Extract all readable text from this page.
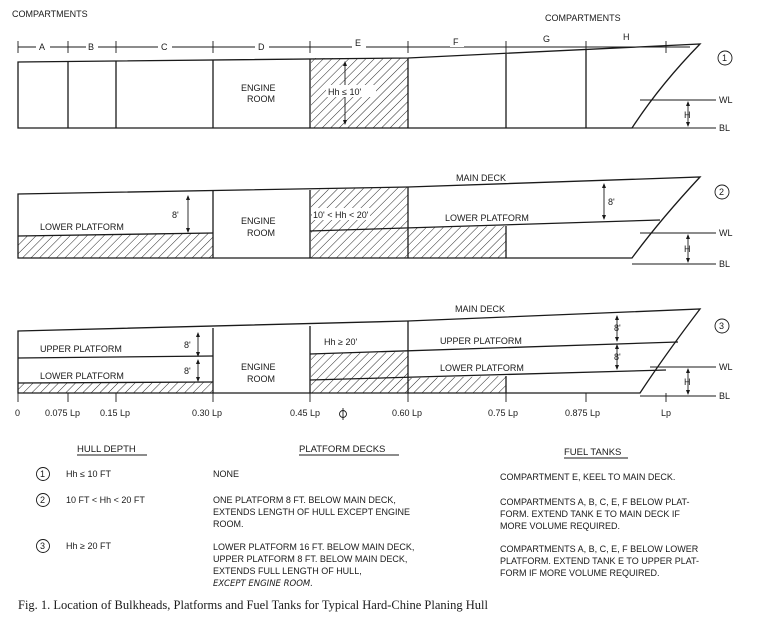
COMPARTMENTS	COMPARTMENTS
A	B	C	D	E	F	G	H
ENGINE
ROOM
Hh ≤ 10'
H
WL
BL
1
MAIN DECK
LOWER PLATFORM
LOWER PLATFORM
ENGINE
ROOM
10' < Hh < 20'
8'
8'
H
WL
BL
2
MAIN DECK
UPPER PLATFORM
LOWER PLATFORM
UPPER PLATFORM
LOWER PLATFORM
ENGINE
ROOM
Hh ≥ 20'
8'
8'
8'
8'
H
WL
BL
3
0	0.075 Lp 0.15 Lp	0.30 Lp	0.45 Lp	0.60 Lp	0.75 Lp	0.875 Lp	Lp
HULL DEPTH	PLATFORM DECKS	FUEL TANKS
1 Hh ≤ 10 FT	NONE	COMPARTMENT E, KEEL TO MAIN DECK.
2 10 FT < Hh < 20 FT	ONE PLATFORM 8 FT. BELOW MAIN DECK,
EXTENDS LENGTH OF HULL EXCEPT ENGINE
ROOM.
COMPARTMENTS A, B, C, E, F BELOW PLAT-
FORM. EXTEND TANK E TO MAIN DECK IF
MORE VOLUME REQUIRED.
3 Hh ≥ 20 FT	LOWER PLATFORM 16 FT. BELOW MAIN DECK,
UPPER PLATFORM 8 FT. BELOW MAIN DECK,
EXTENDS FULL LENGTH OF HULL,
EXCEPT ENGINE ROOM.
COMPARTMENTS A, B, C, E, F BELOW LOWER
PLATFORM. EXTEND TANK E TO UPPER PLAT-
FORM IF MORE VOLUME REQUIRED.
Fig. 1. Location of Bulkheads, Platforms and Fuel Tanks for Typical Hard-Chine Planing Hull
